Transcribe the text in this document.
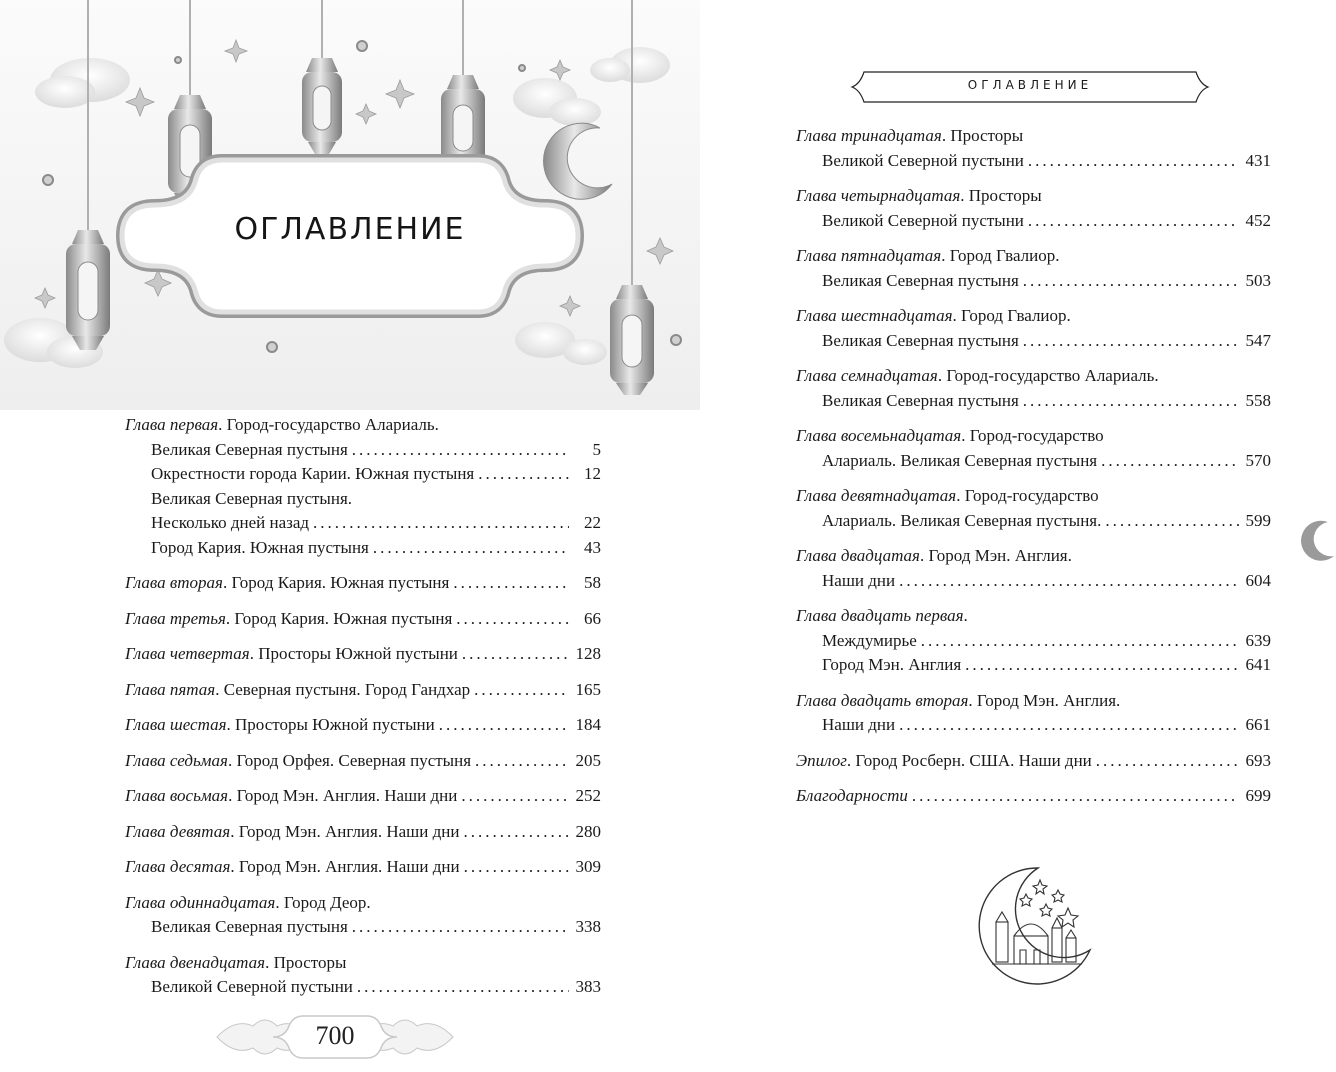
ОГЛАВЛЕНИЕ
Глава первая. Город-государство Алариаль.
Великая Северная пустыня .....	5
Окрестности города Карии. Южная пустыня .....	12
Великая Северная пустыня.
Несколько дней назад .....	22
Город Кария. Южная пустыня .....	43
Глава вторая. Город Кария. Южная пустыня .....	58
Глава третья. Город Кария. Южная пустыня .....	66
Глава четвертая. Просторы Южной пустыни .....	128
Глава пятая. Северная пустыня. Город Гандхар .....	165
Глава шестая. Просторы Южной пустыни .....	184
Глава седьмая. Город Орфея. Северная пустыня .....	205
Глава восьмая. Город Мэн. Англия. Наши дни .....	252
Глава девятая. Город Мэн. Англия. Наши дни .....	280
Глава десятая. Город Мэн. Англия. Наши дни .....	309
Глава одиннадцатая. Город Деор.
Великая Северная пустыня .....	338
Глава двенадцатая. Просторы
Великой Северной пустыни .....	383
700
ОГЛАВЛЕНИЕ
Глава тринадцатая. Просторы
Великой Северной пустыни .....	431
Глава четырнадцатая. Просторы
Великой Северной пустыни .....	452
Глава пятнадцатая. Город Гвалиор.
Великая Северная пустыня .....	503
Глава шестнадцатая. Город Гвалиор.
Великая Северная пустыня .....	547
Глава семнадцатая. Город-государство Алариаль.
Великая Северная пустыня .....	558
Глава восемьнадцатая. Город-государство
Алариаль. Великая Северная пустыня .....	570
Глава девятнадцатая. Город-государство
Алариаль. Великая Северная пустыня. .....	599
Глава двадцатая. Город Мэн. Англия.
Наши дни .....	604
Глава двадцать первая.
Междумирье .....	639
Город Мэн. Англия .....	641
Глава двадцать вторая. Город Мэн. Англия.
Наши дни .....	661
Эпилог. Город Росберн. США. Наши дни .....	693
Благодарности .....	699
